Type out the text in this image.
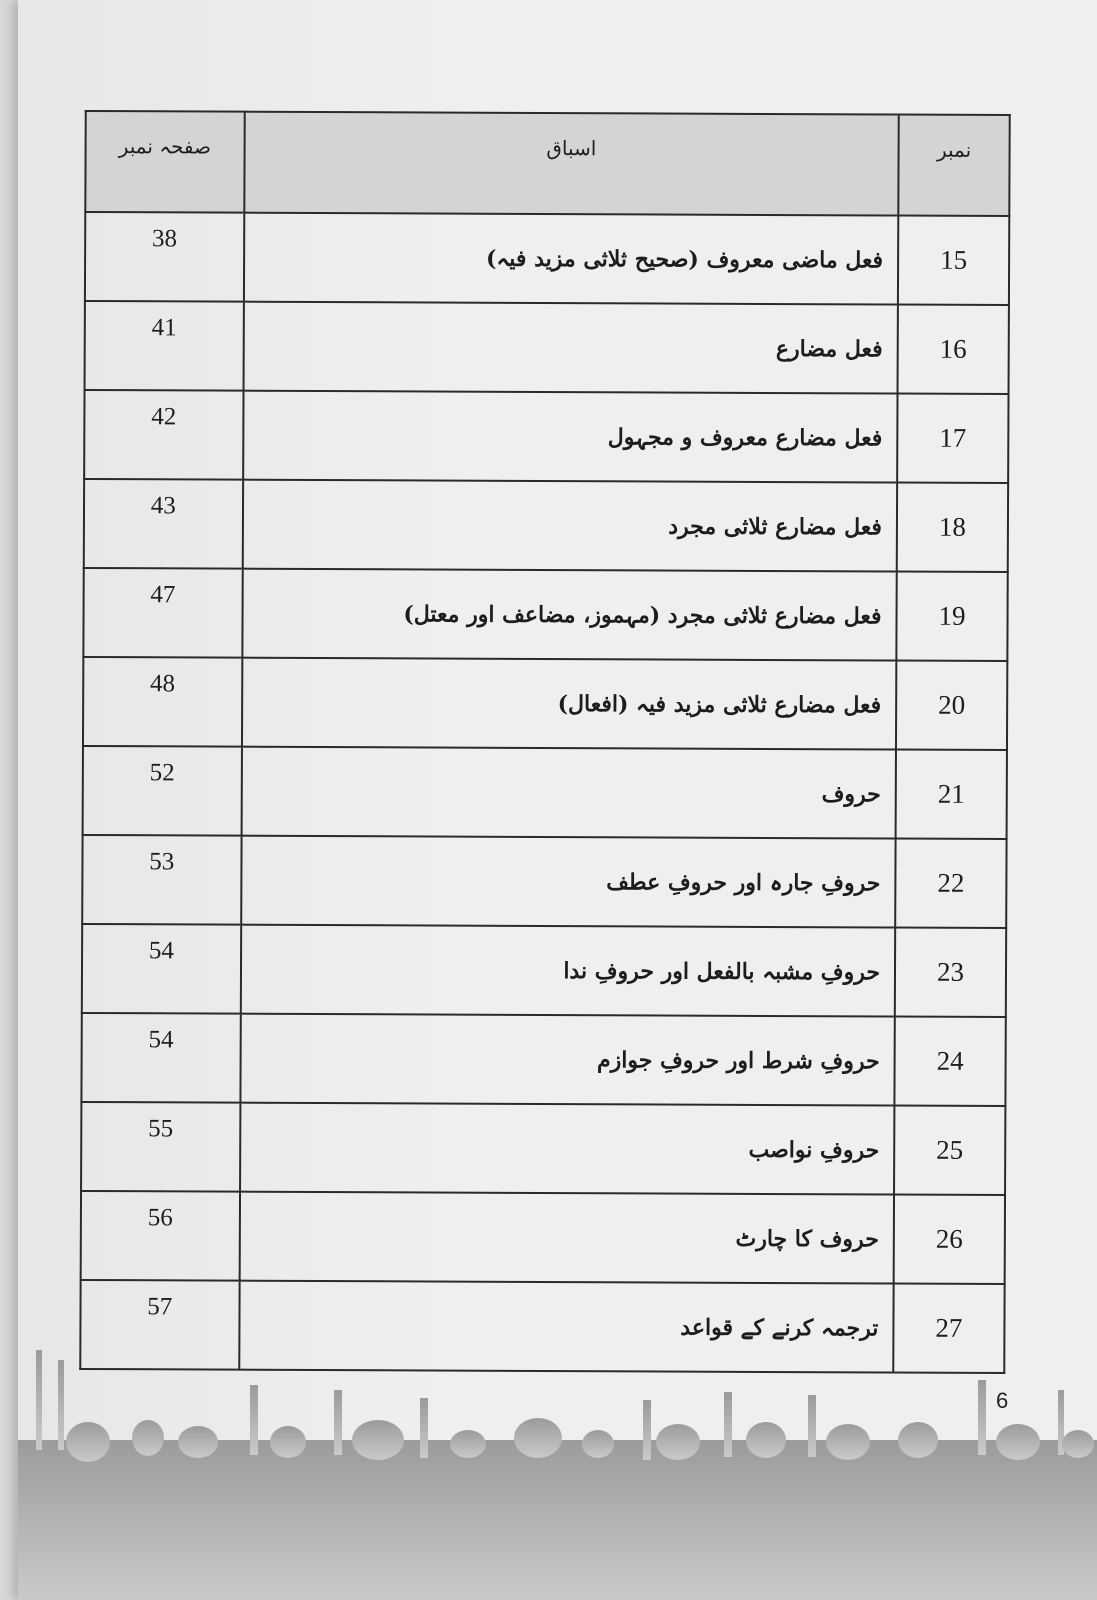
نمبر	اسباق	صفحہ نمبر
15	فعل ماضی معروف (صحیح ثلاثی مزید فیہ)	38
16	فعل مضارع	41
17	فعل مضارع معروف و مجہول	42
18	فعل مضارع ثلاثی مجرد	43
19	فعل مضارع ثلاثی مجرد (مہموز، مضاعف اور معتل)	47
20	فعل مضارع ثلاثی مزید فیہ (افعال)	48
21	حروف	52
22	حروفِ جارہ اور حروفِ عطف	53
23	حروفِ مشبہ بالفعل اور حروفِ ندا	54
24	حروفِ شرط اور حروفِ جوازم	54
25	حروفِ نواصب	55
26	حروف کا چارٹ	56
27	ترجمہ کرنے کے قواعد	57
6
